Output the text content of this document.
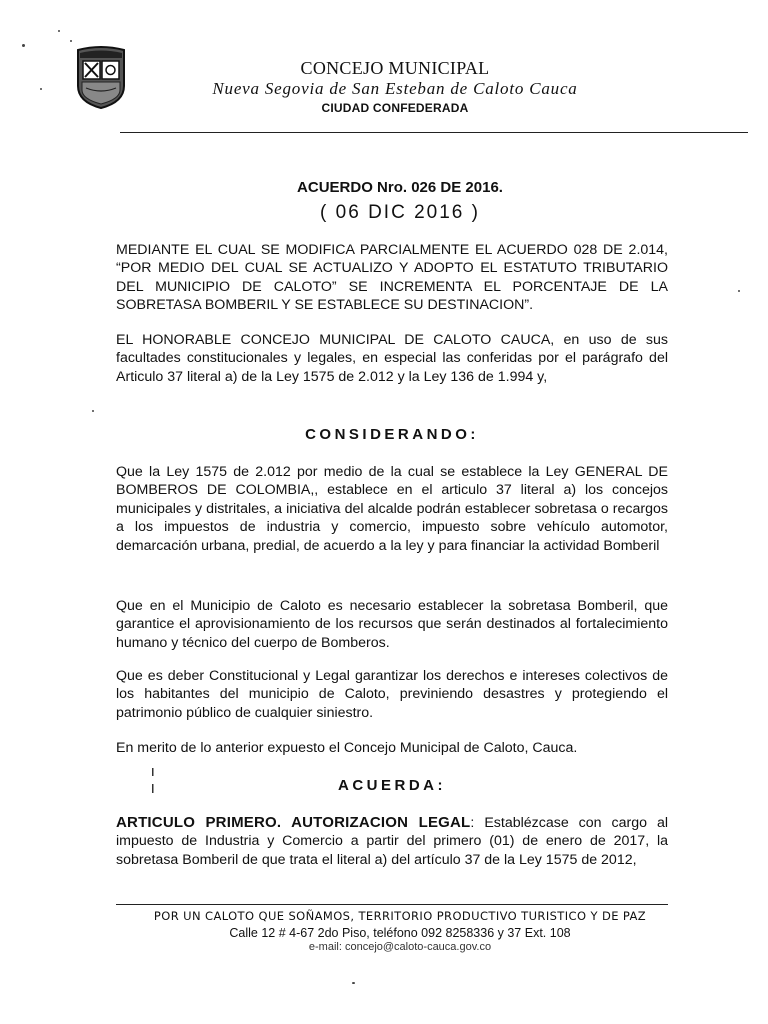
CONCEJO MUNICIPAL
Nueva Segovia de San Esteban de Caloto Cauca
CIUDAD CONFEDERADA
ACUERDO Nro. 026 DE 2016.
( 06 DIC 2016 )
MEDIANTE EL CUAL SE MODIFICA PARCIALMENTE EL ACUERDO 028 DE 2.014, “POR MEDIO DEL CUAL SE ACTUALIZO Y ADOPTO EL ESTATUTO TRIBUTARIO DEL MUNICIPIO DE CALOTO” SE INCREMENTA EL PORCENTAJE DE LA SOBRETASA BOMBERIL Y SE ESTABLECE SU DESTINACION”.
EL HONORABLE CONCEJO MUNICIPAL DE CALOTO CAUCA, en uso de sus facultades constitucionales y legales, en especial las conferidas por el parágrafo del Articulo 37 literal a) de la Ley 1575 de 2.012 y la Ley 136 de 1.994 y,
CONSIDERANDO:
Que la Ley 1575 de 2.012 por medio de la cual se establece la Ley GENERAL DE BOMBEROS DE COLOMBIA,, establece en el articulo 37 literal a) los concejos municipales y distritales, a iniciativa del alcalde podrán establecer sobretasa o recargos a los impuestos de industria y comercio, impuesto sobre vehículo automotor, demarcación urbana, predial, de acuerdo a la ley y para financiar la actividad Bomberil
Que en el Municipio de Caloto es necesario establecer la sobretasa Bomberil, que garantice el aprovisionamiento de los recursos que serán destinados al fortalecimiento humano y técnico del cuerpo de Bomberos.
Que es deber Constitucional y Legal garantizar los derechos e intereses colectivos de los habitantes del municipio de Caloto, previniendo desastres y protegiendo el patrimonio público de cualquier siniestro.
En merito de lo anterior expuesto el Concejo Municipal de Caloto, Cauca.
ACUERDA:
ARTICULO PRIMERO. AUTORIZACION LEGAL: Establézcase con cargo al impuesto de Industria y Comercio a partir del primero (01) de enero de 2017, la sobretasa Bomberil de que trata el literal a) del artículo 37 de la Ley 1575 de 2012,
POR UN CALOTO QUE SOÑAMOS, TERRITORIO PRODUCTIVO TURISTICO Y DE PAZ
Calle 12 # 4-67 2do Piso, teléfono 092 8258336 y 37 Ext. 108
e-mail: concejo@caloto-cauca.gov.co
